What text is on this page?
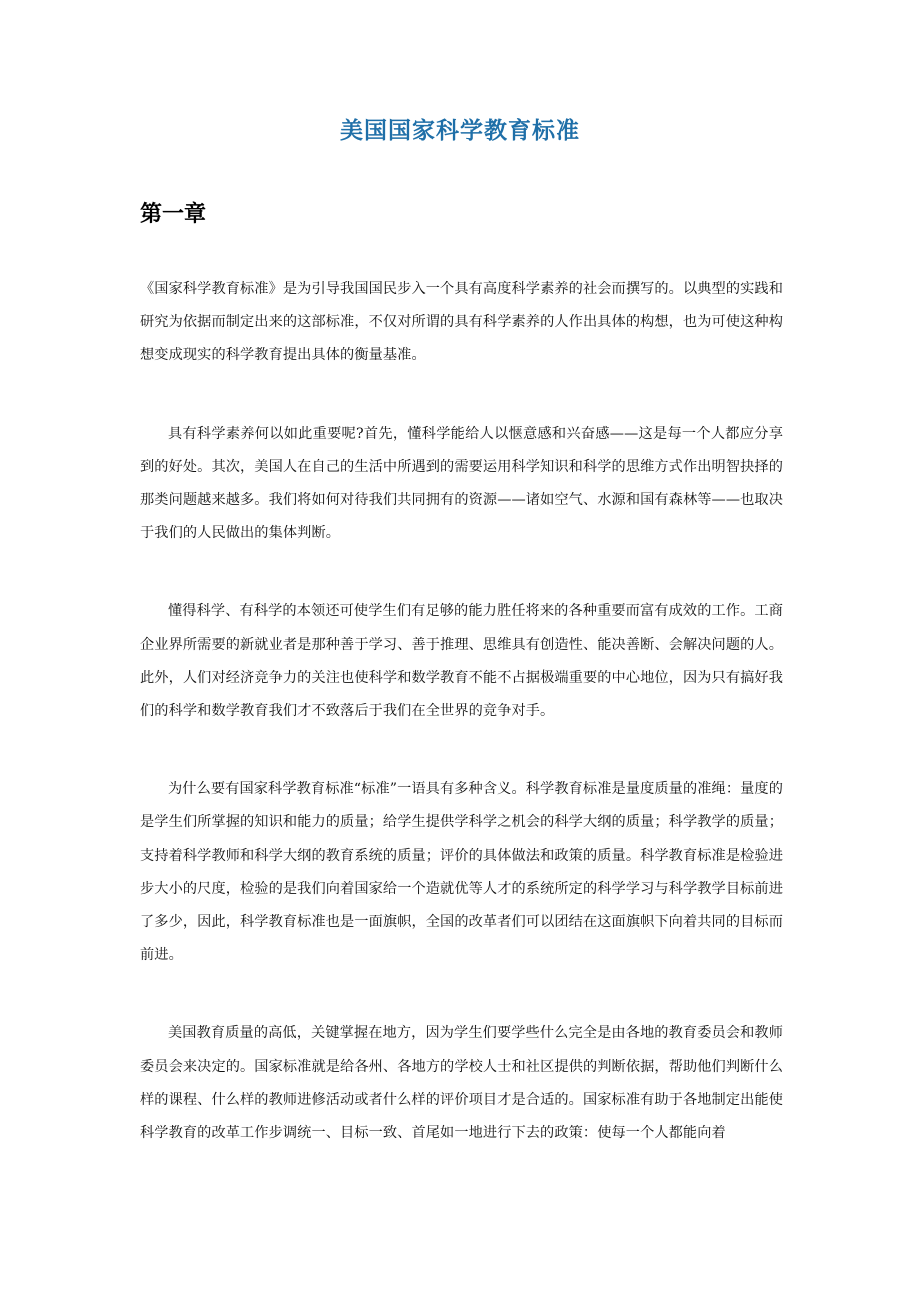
美国国家科学教育标准
第一章

《国家科学教育标准》是为引导我国国民步入一个具有高度科学素养的社会而撰写的。以典型的实践和研究为依据而制定出来的这部标准，不仅对所谓的具有科学素养的人作出具体的构想，也为可使这种构想变成现实的科学教育提出具体的衡量基准。

具有科学素养何以如此重要呢?首先，懂科学能给人以惬意感和兴奋感——这是每一个人都应分享到的好处。其次，美国人在自己的生活中所遇到的需要运用科学知识和科学的思维方式作出明智抉择的那类问题越来越多。我们将如何对待我们共同拥有的资源——诸如空气、水源和国有森林等——也取决于我们的人民做出的集体判断。

懂得科学、有科学的本领还可使学生们有足够的能力胜任将来的各种重要而富有成效的工作。工商企业界所需要的新就业者是那种善于学习、善于推理、思维具有创造性、能决善断、会解决问题的人。此外，人们对经济竞争力的关注也使科学和数学教育不能不占据极端重要的中心地位，因为只有搞好我们的科学和数学教育我们才不致落后于我们在全世界的竞争对手。

为什么要有国家科学教育标准“标准”一语具有多种含义。科学教育标准是量度质量的准绳：量度的是学生们所掌握的知识和能力的质量；给学生提供学科学之机会的科学大纲的质量；科学教学的质量；支持着科学教师和科学大纲的教育系统的质量；评价的具体做法和政策的质量。科学教育标准是检验进步大小的尺度，检验的是我们向着国家给一个造就优等人才的系统所定的科学学习与科学教学目标前进了多少，因此，科学教育标准也是一面旗帜，全国的改革者们可以团结在这面旗帜下向着共同的目标而前进。

美国教育质量的高低，关键掌握在地方，因为学生们要学些什么完全是由各地的教育委员会和教师委员会来决定的。国家标准就是给各州、各地方的学校人士和社区提供的判断依据，帮助他们判断什么样的课程、什么样的教师进修活动或者什么样的评价项目才是合适的。国家标准有助于各地制定出能使科学教育的改革工作步调统一、目标一致、首尾如一地进行下去的政策：使每一个人都能向着
